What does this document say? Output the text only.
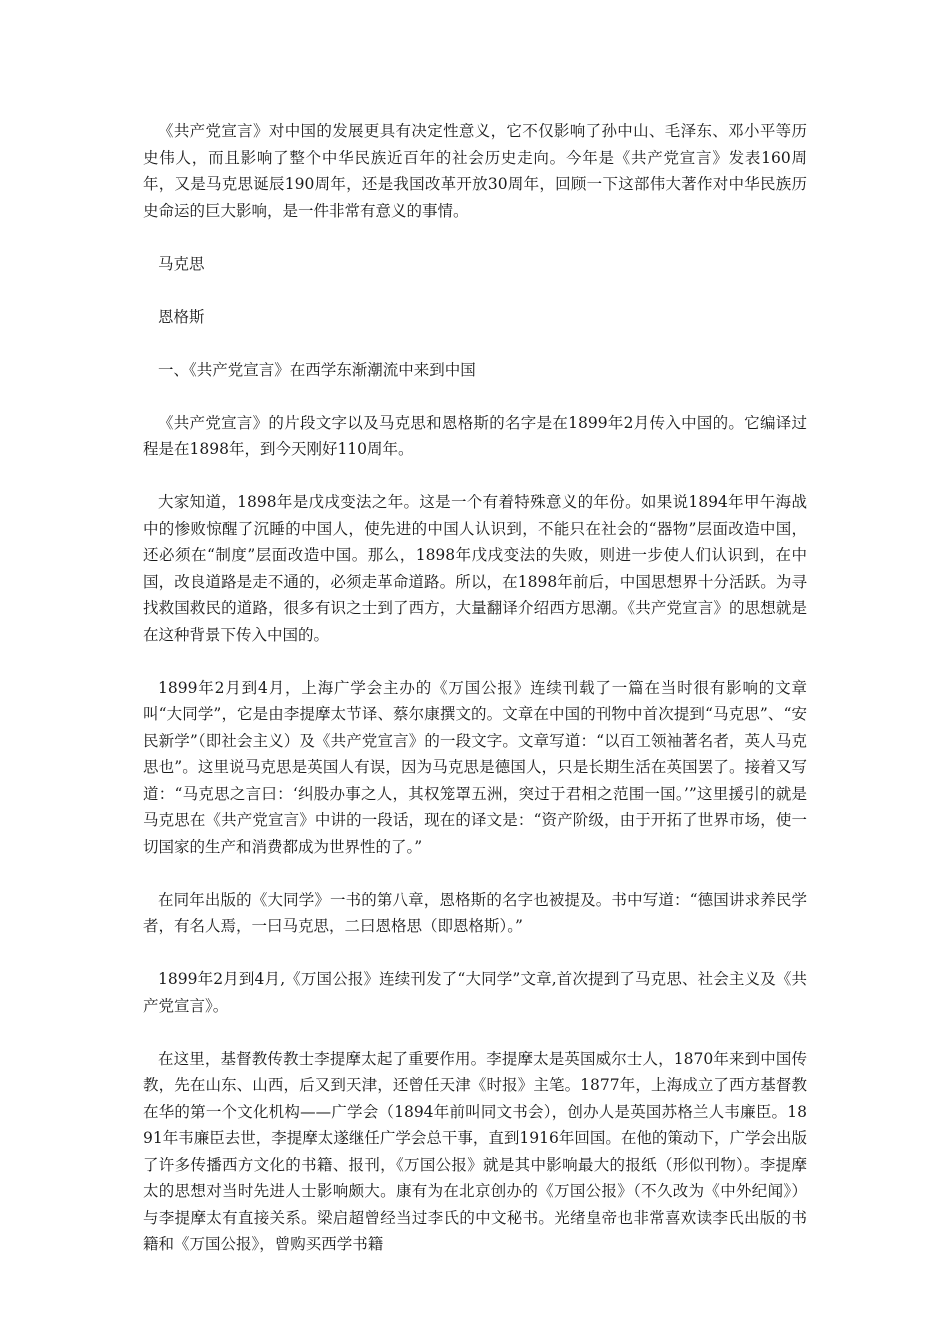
《共产党宣言》对中国的发展更具有决定性意义，它不仅影响了孙中山、毛泽东、邓小平等历史伟人，而且影响了整个中华民族近百年的社会历史走向。今年是《共产党宣言》发表160周年，又是马克思诞辰190周年，还是我国改革开放30周年，回顾一下这部伟大著作对中华民族历史命运的巨大影响，是一件非常有意义的事情。

马克思

恩格斯

一、《共产党宣言》在西学东渐潮流中来到中国

《共产党宣言》的片段文字以及马克思和恩格斯的名字是在1899年2月传入中国的。它编译过程是在1898年，到今天刚好110周年。

大家知道，1898年是戊戌变法之年。这是一个有着特殊意义的年份。如果说1894年甲午海战中的惨败惊醒了沉睡的中国人，使先进的中国人认识到，不能只在社会的“器物”层面改造中国，还必须在“制度”层面改造中国。那么，1898年戊戌变法的失败，则进一步使人们认识到，在中国，改良道路是走不通的，必须走革命道路。所以，在1898年前后，中国思想界十分活跃。为寻找救国救民的道路，很多有识之士到了西方，大量翻译介绍西方思潮。《共产党宣言》的思想就是在这种背景下传入中国的。

1899年2月到4月，上海广学会主办的《万国公报》连续刊载了一篇在当时很有影响的文章叫“大同学”，它是由李提摩太节译、蔡尔康撰文的。文章在中国的刊物中首次提到“马克思”、“安民新学”（即社会主义）及《共产党宣言》的一段文字。文章写道：“以百工领袖著名者，英人马克思也”。这里说马克思是英国人有误，因为马克思是德国人，只是长期生活在英国罢了。接着又写道：“马克思之言曰：‘纠股办事之人，其权笼罩五洲，突过于君相之范围一国。’”这里援引的就是马克思在《共产党宣言》中讲的一段话，现在的译文是：“资产阶级，由于开拓了世界市场，使一切国家的生产和消费都成为世界性的了。”

在同年出版的《大同学》一书的第八章，恩格斯的名字也被提及。书中写道：“德国讲求养民学者，有名人焉，一曰马克思，二曰恩格思（即恩格斯）。”

1899年2月到4月,《万国公报》连续刊发了“大同学”文章,首次提到了马克思、社会主义及《共产党宣言》。

在这里，基督教传教士李提摩太起了重要作用。李提摩太是英国威尔士人，1870年来到中国传教，先在山东、山西，后又到天津，还曾任天津《时报》主笔。1877年，上海成立了西方基督教在华的第一个文化机构——广学会（1894年前叫同文书会），创办人是英国苏格兰人韦廉臣。1891年韦廉臣去世，李提摩太遂继任广学会总干事，直到1916年回国。在他的策动下，广学会出版了许多传播西方文化的书籍、报刊，《万国公报》就是其中影响最大的报纸（形似刊物）。李提摩太的思想对当时先进人士影响颇大。康有为在北京创办的《万国公报》（不久改为《中外纪闻》）与李提摩太有直接关系。梁启超曾经当过李氏的中文秘书。光绪皇帝也非常喜欢读李氏出版的书籍和《万国公报》，曾购买西学书籍
